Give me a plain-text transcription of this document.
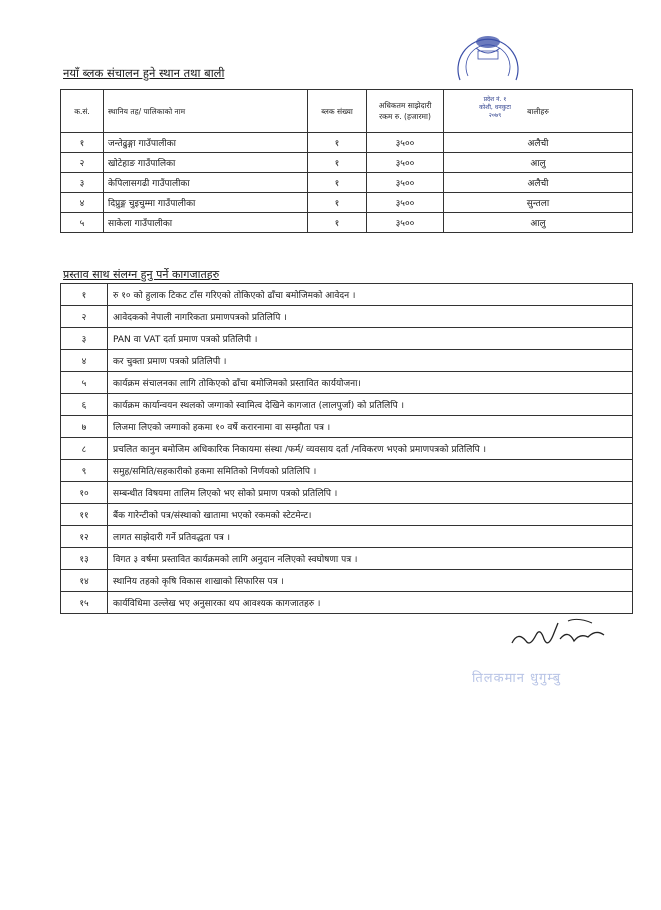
नयाँ ब्लक संचालन हुने स्थान तथा बाली
प्रदेश नं. १
कोशी, धनकुटा
२०७९
क.सं.	स्थानिय तह/ पालिकाको नाम	ब्लक संख्या	अधिकतम साझेदारी रकम रु. (हजारमा)	बालीहरु
१	जन्तेढुङ्गा गाउँपालीका	१	३५००	अलैची
२	खोटेहाङ गाउँपालिका	१	३५००	आलु
३	केपिलासगढी गाउँपालीका	१	३५००	अलैची
४	दिप्रुङ्ग चुइचुम्मा गाउँपालीका	१	३५००	सुन्तला
५	साकेला गाउँपालीका	१	३५००	आलु
प्रस्ताव साथ संलग्न हुनु पर्ने कागजातहरु
१	रु १० को हुलाक टिकट टाँस गरिएको तोकिएको ढाँचा बमोजिमको आवेदन ।
२	आवेदकको नेपाली नागरिकता प्रमाणपत्रको प्रतिलिपि ।
३	PAN वा VAT दर्ता प्रमाण पत्रको प्रतिलिपी ।
४	कर चुक्ता प्रमाण पत्रको प्रतिलिपी ।
५	कार्यक्रम संचालनका लागि तोकिएको ढाँचा बमोजिमको प्रस्तावित कार्ययोजना।
६	कार्यक्रम कार्यान्वयन स्थलको जग्गाको स्वामित्व देखिने कागजात (लालपुर्जा) को प्रतिलिपि ।
७	लिजमा लिएको जग्गाको हकमा १० वर्षे करारनामा वा सम्झौता पत्र ।
८	प्रचलित कानुन बमोजिम अधिकारिक निकायमा संस्था /फर्म/ व्यवसाय दर्ता /नविकरण भएको प्रमाणपत्रको प्रतिलिपि ।
९	समुह/समिति/सहकारीको हकमा समितिको निर्णयको प्रतिलिपि ।
१०	सम्बन्धीत विषयमा तालिम लिएको भए सोको प्रमाण पत्रको प्रतिलिपि ।
११	बैंक गारेन्टीको पत्र/संस्थाको खातामा भएको रकमको स्टेटमेन्ट।
१२	लागत साझेदारी गर्ने प्रतिवद्धता पत्र ।
१३	विगत ३ वर्षमा प्रस्तावित कार्यक्रमको लागि अनुदान नलिएको स्वघोषणा पत्र ।
१४	स्थानिय तहको कृषि विकास शाखाको सिफारिस पत्र ।
१५	कार्यविधिमा उल्लेख भए अनुसारका थप आवश्यक कागजातहरु ।
तिलकमान धुगुम्बु
